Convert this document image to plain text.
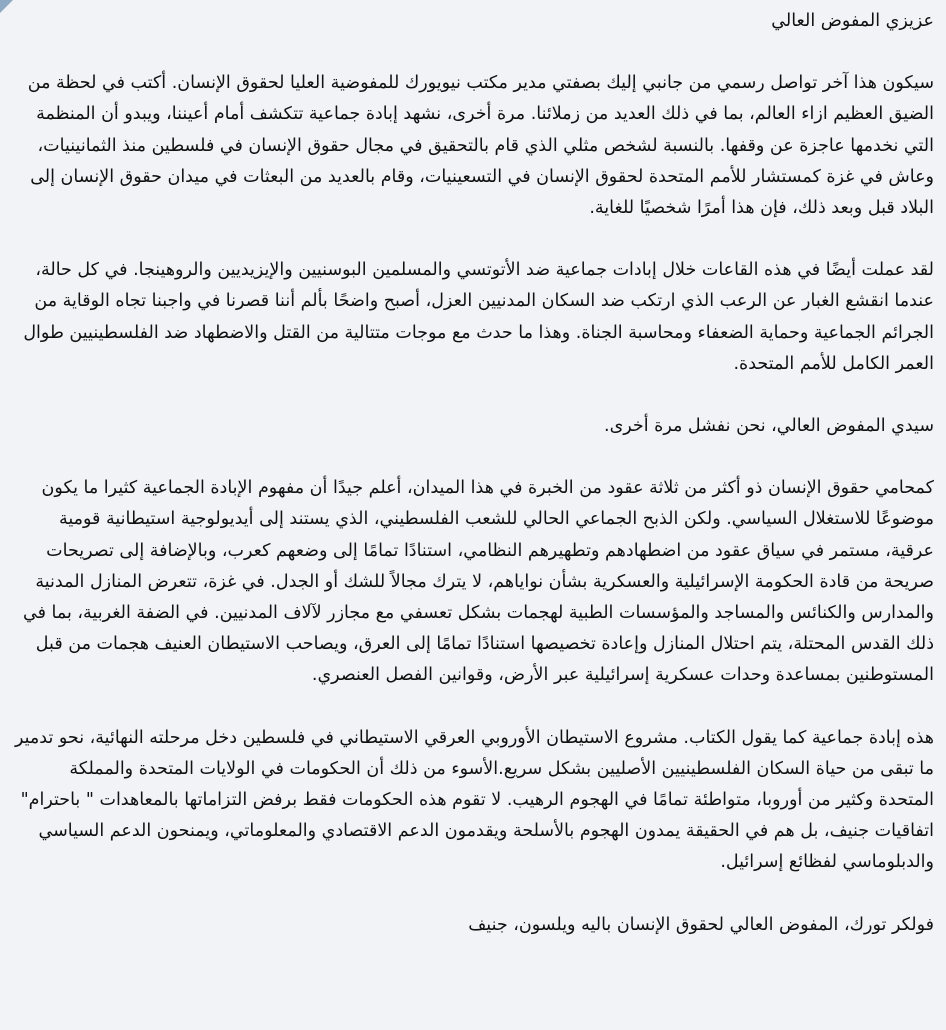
عزيزي المفوض العالي

سيكون هذا آخر تواصل رسمي من جانبي إليك بصفتي مدير مكتب نيويورك للمفوضية العليا لحقوق الإنسان. أكتب في لحظة من الضيق العظيم ازاء العالم، بما في ذلك العديد من زملائنا. مرة أخرى، نشهد إبادة جماعية تتكشف أمام أعيننا، ويبدو أن المنظمة التي نخدمها عاجزة عن وقفها. بالنسبة لشخص مثلي الذي قام بالتحقيق في مجال حقوق الإنسان في فلسطين منذ الثمانينيات، وعاش في غزة كمستشار للأمم المتحدة لحقوق الإنسان في التسعينيات، وقام بالعديد من البعثات في ميدان حقوق الإنسان إلى البلاد قبل وبعد ذلك، فإن هذا أمرًا شخصيًا للغاية.

لقد عملت أيضًا في هذه القاعات خلال إبادات جماعية ضد الأتوتسي والمسلمين البوسنيين والإيزيديين والروهينجا. في كل حالة، عندما انقشع الغبار عن الرعب الذي ارتكب ضد السكان المدنيين العزل، أصبح واضحًا بألم أننا قصرنا في واجبنا تجاه الوقاية من الجرائم الجماعية وحماية الضعفاء ومحاسبة الجناة. وهذا ما حدث مع موجات متتالية من القتل والاضطهاد ضد الفلسطينيين طوال العمر الكامل للأمم المتحدة.

سيدي المفوض العالي، نحن نفشل مرة أخرى.

كمحامي حقوق الإنسان ذو أكثر من ثلاثة عقود من الخبرة في هذا الميدان، أعلم جيدًا أن مفهوم الإبادة الجماعية كثيرا ما يكون موضوعًا للاستغلال السياسي. ولكن الذبح الجماعي الحالي للشعب الفلسطيني، الذي يستند إلى أيديولوجية استيطانية قومية عرقية، مستمر في سياق عقود من اضطهادهم وتطهيرهم النظامي، استنادًا تمامًا إلى وضعهم كعرب، وبالإضافة إلى تصريحات صريحة من قادة الحكومة الإسرائيلية والعسكرية بشأن نواياهم، لا يترك مجالاً للشك أو الجدل. في غزة، تتعرض المنازل المدنية والمدارس والكنائس والمساجد والمؤسسات الطبية لهجمات بشكل تعسفي مع مجازر لآلاف المدنيين. في الضفة الغربية، بما في ذلك القدس المحتلة، يتم احتلال المنازل وإعادة تخصيصها استنادًا تمامًا إلى العرق، ويصاحب الاستيطان العنيف هجمات من قبل المستوطنين بمساعدة وحدات عسكرية إسرائيلية عبر الأرض، وقوانين الفصل العنصري.

هذه إبادة جماعية كما يقول الكتاب. مشروع الاستيطان الأوروبي العرقي الاستيطاني في فلسطين دخل مرحلته النهائية، نحو تدمير ما تبقى من حياة السكان الفلسطينيين الأصليين بشكل سريع.الأسوء من ذلك أن الحكومات في الولايات المتحدة والمملكة المتحدة وكثير من أوروبا، متواطئة تمامًا في الهجوم الرهيب. لا تقوم هذه الحكومات فقط برفض التزاماتها بالمعاهدات " باحترام" اتفاقيات جنيف، بل هم في الحقيقة يمدون الهجوم بالأسلحة ويقدمون الدعم الاقتصادي والمعلوماتي، ويمنحون الدعم السياسي والدبلوماسي لفظائع إسرائيل.

فولكر تورك، المفوض العالي لحقوق الإنسان باليه ويلسون، جنيف
